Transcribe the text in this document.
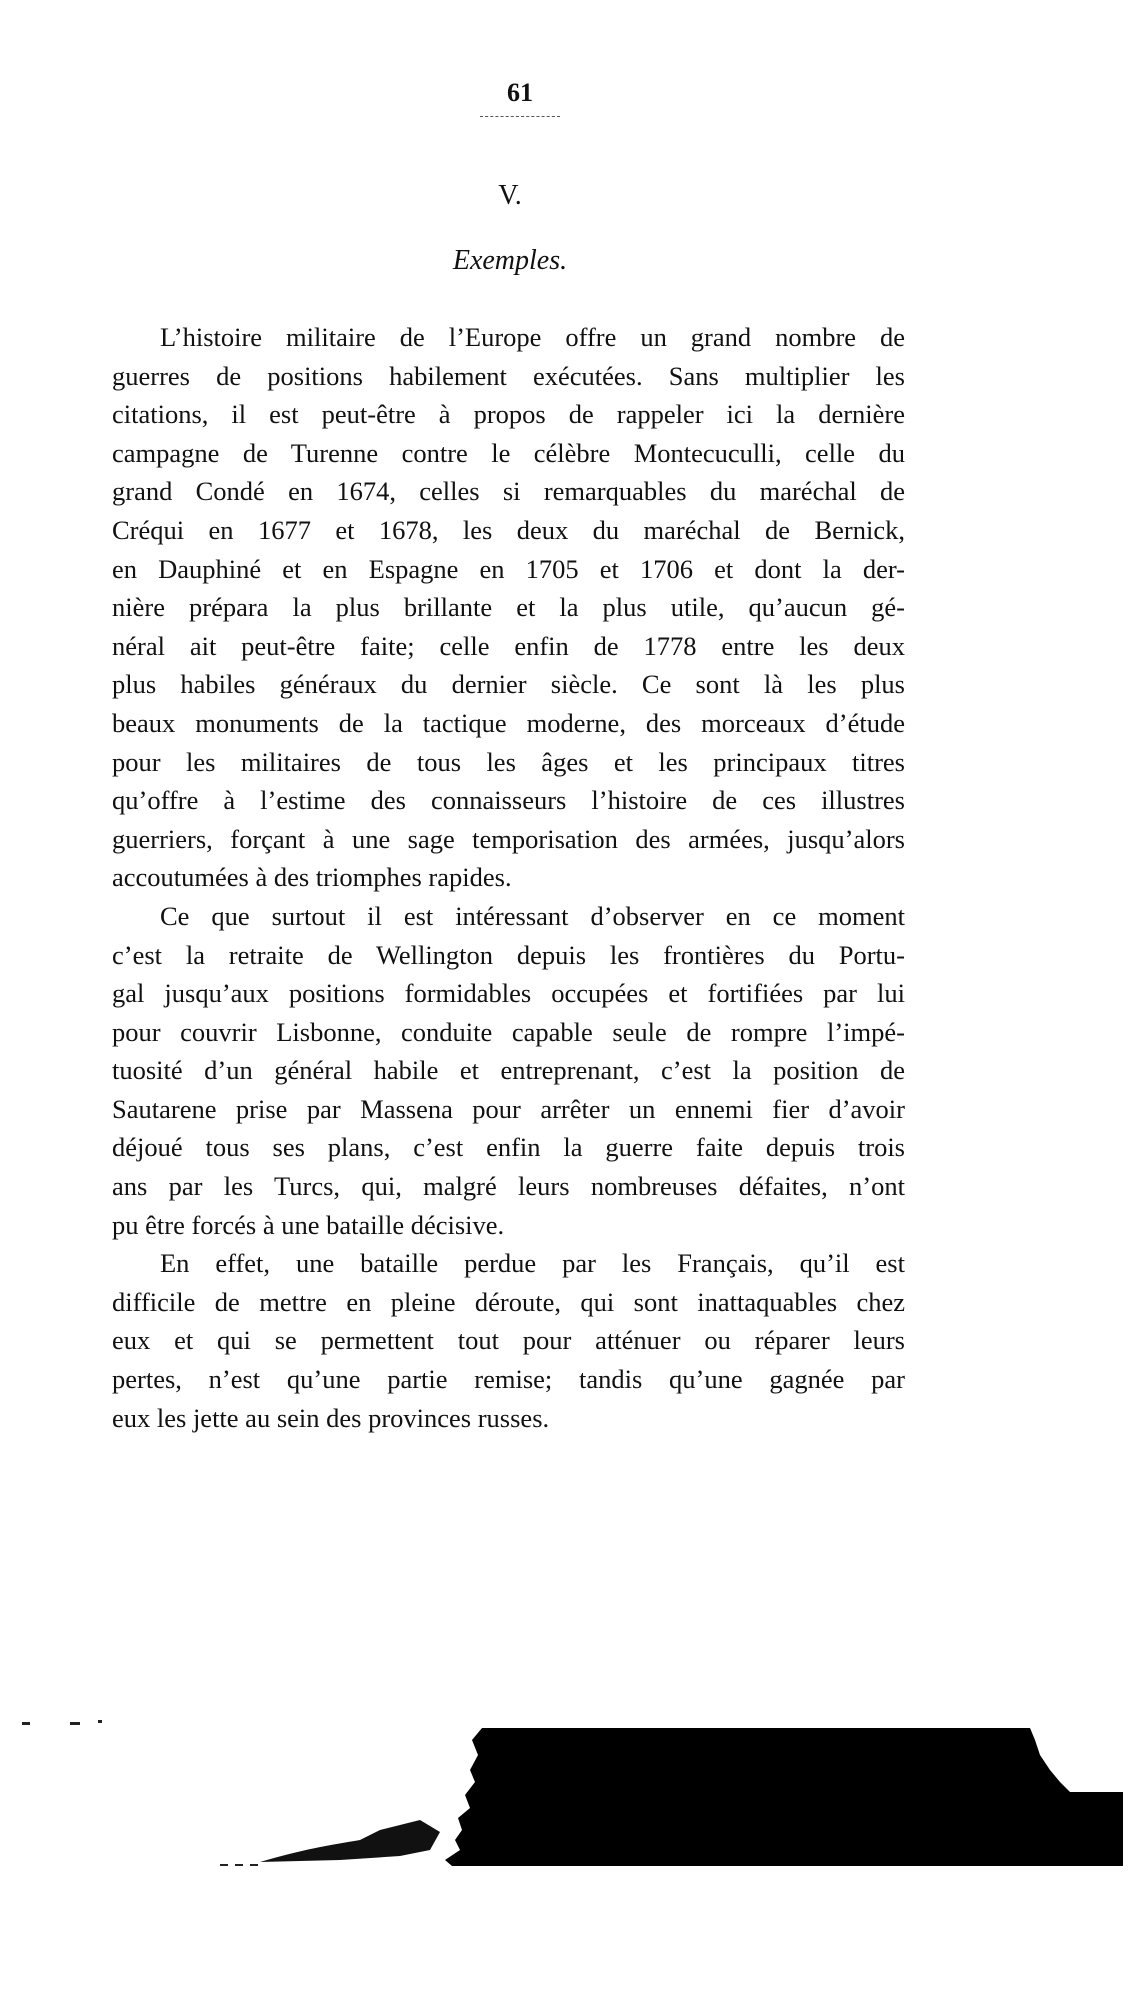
61
V.
Exemples.
L’histoire militaire de l’Europe offre un grand nombre de
guerres de positions habilement exécutées. Sans multiplier les
citations, il est peut-être à propos de rappeler ici la dernière
campagne de Turenne contre le célèbre Montecuculli, celle du
grand Condé en 1674, celles si remarquables du maréchal de
Créqui en 1677 et 1678, les deux du maréchal de Bernick,
en Dauphiné et en Espagne en 1705 et 1706 et dont la der-
nière prépara la plus brillante et la plus utile, qu’aucun gé-
néral ait peut-être faite; celle enfin de 1778 entre les deux
plus habiles généraux du dernier siècle. Ce sont là les plus
beaux monuments de la tactique moderne, des morceaux d’étude
pour les militaires de tous les âges et les principaux titres
qu’offre à l’estime des connaisseurs l’histoire de ces illustres
guerriers, forçant à une sage temporisation des armées, jusqu’alors
accoutumées à des triomphes rapides.
Ce que surtout il est intéressant d’observer en ce moment
c’est la retraite de Wellington depuis les frontières du Portu-
gal jusqu’aux positions formidables occupées et fortifiées par lui
pour couvrir Lisbonne, conduite capable seule de rompre l’impé-
tuosité d’un général habile et entreprenant, c’est la position de
Sautarene prise par Massena pour arrêter un ennemi fier d’avoir
déjoué tous ses plans, c’est enfin la guerre faite depuis trois
ans par les Turcs, qui, malgré leurs nombreuses défaites, n’ont
pu être forcés à une bataille décisive.
En effet, une bataille perdue par les Français, qu’il est
difficile de mettre en pleine déroute, qui sont inattaquables chez
eux et qui se permettent tout pour atténuer ou réparer leurs
pertes, n’est qu’une partie remise; tandis qu’une gagnée par
eux les jette au sein des provinces russes.
